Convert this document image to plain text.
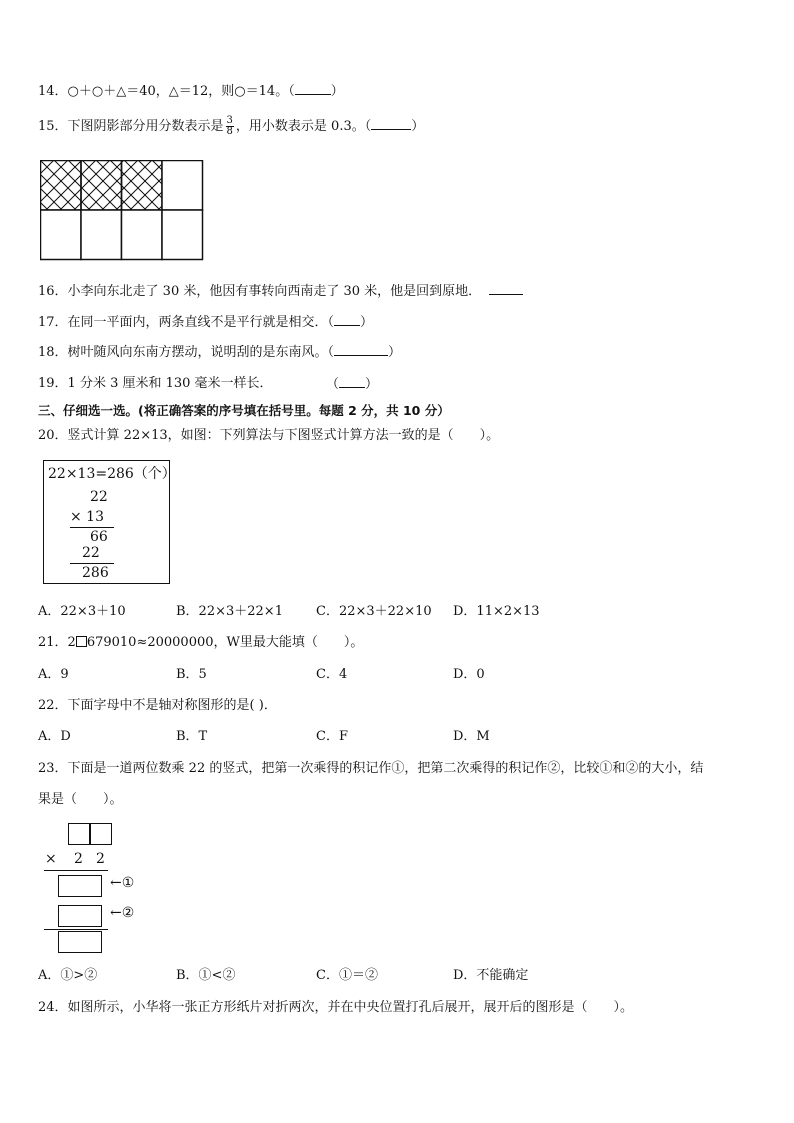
14．○＋○＋△＝40，△＝12，则○＝14。（	）
15．下图阴影部分用分数表示是 $\frac{3}{8}$ ，用小数表示是 0.3。（	）
16．小李向东北走了 30 米，他因有事转向西南走了 30 米，他是回到原地．
17．在同一平面内，两条直线不是平行就是相交．（ ）
18．树叶随风向东南方摆动，说明刮的是东南风。（	）
19．1 分米 3 厘米和 130 毫米一样长．	（ ）
三、仔细选一选。(将正确答案的序号填在括号里。每题 2 分，共 10 分）
20．竖式计算 22×13，如图：下列算法与下图竖式计算方法一致的是（　　）。
22×13=286（个）
22
× 13
66
22
286
A．22×3＋10	B．22×3＋22×1	C．22×3＋22×10 D．11×2×13
21．2 679010≈20000000，W里最大能填（　　）。
A．9	B．5	C．4	D．0
22．下面字母中不是轴对称图形的是( )．
A．D	B．T	C．F	D．M
23．下面是一道两位数乘 22 的竖式，把第一次乘得的积记作①，把第二次乘得的积记作②，比较①和②的大小，结
果是（　　）。
× 2 2
←①
←②
A．①>②	B．①<②	C．①＝②	D．不能确定
24．如图所示，小华将一张正方形纸片对折两次，并在中央位置打孔后展开，展开后的图形是（　　）。
